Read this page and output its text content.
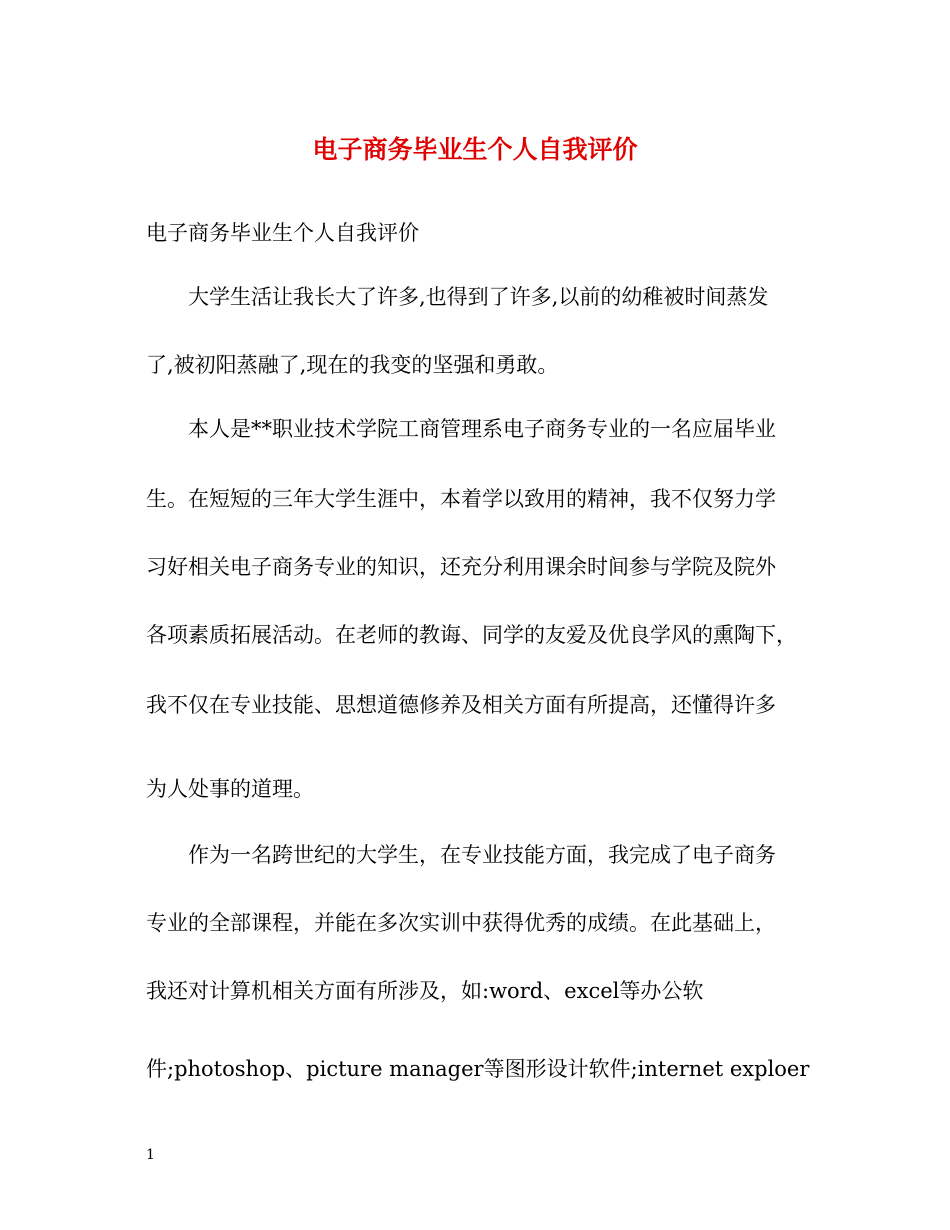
电子商务毕业生个人自我评价

电子商务毕业生个人自我评价

大学生活让我长大了许多,也得到了许多,以前的幼稚被时间蒸发

了,被初阳蒸融了,现在的我变的坚强和勇敢。

本人是**职业技术学院工商管理系电子商务专业的一名应届毕业

生。在短短的三年大学生涯中，本着学以致用的精神，我不仅努力学

习好相关电子商务专业的知识，还充分利用课余时间参与学院及院外

各项素质拓展活动。在老师的教诲、同学的友爱及优良学风的熏陶下，

我不仅在专业技能、思想道德修养及相关方面有所提高，还懂得许多

为人处事的道理。

作为一名跨世纪的大学生，在专业技能方面，我完成了电子商务

专业的全部课程，并能在多次实训中获得优秀的成绩。在此基础上，

我还对计算机相关方面有所涉及，如:word、excel等办公软

件;photoshop、picture manager等图形设计软件;internet exploer

1
